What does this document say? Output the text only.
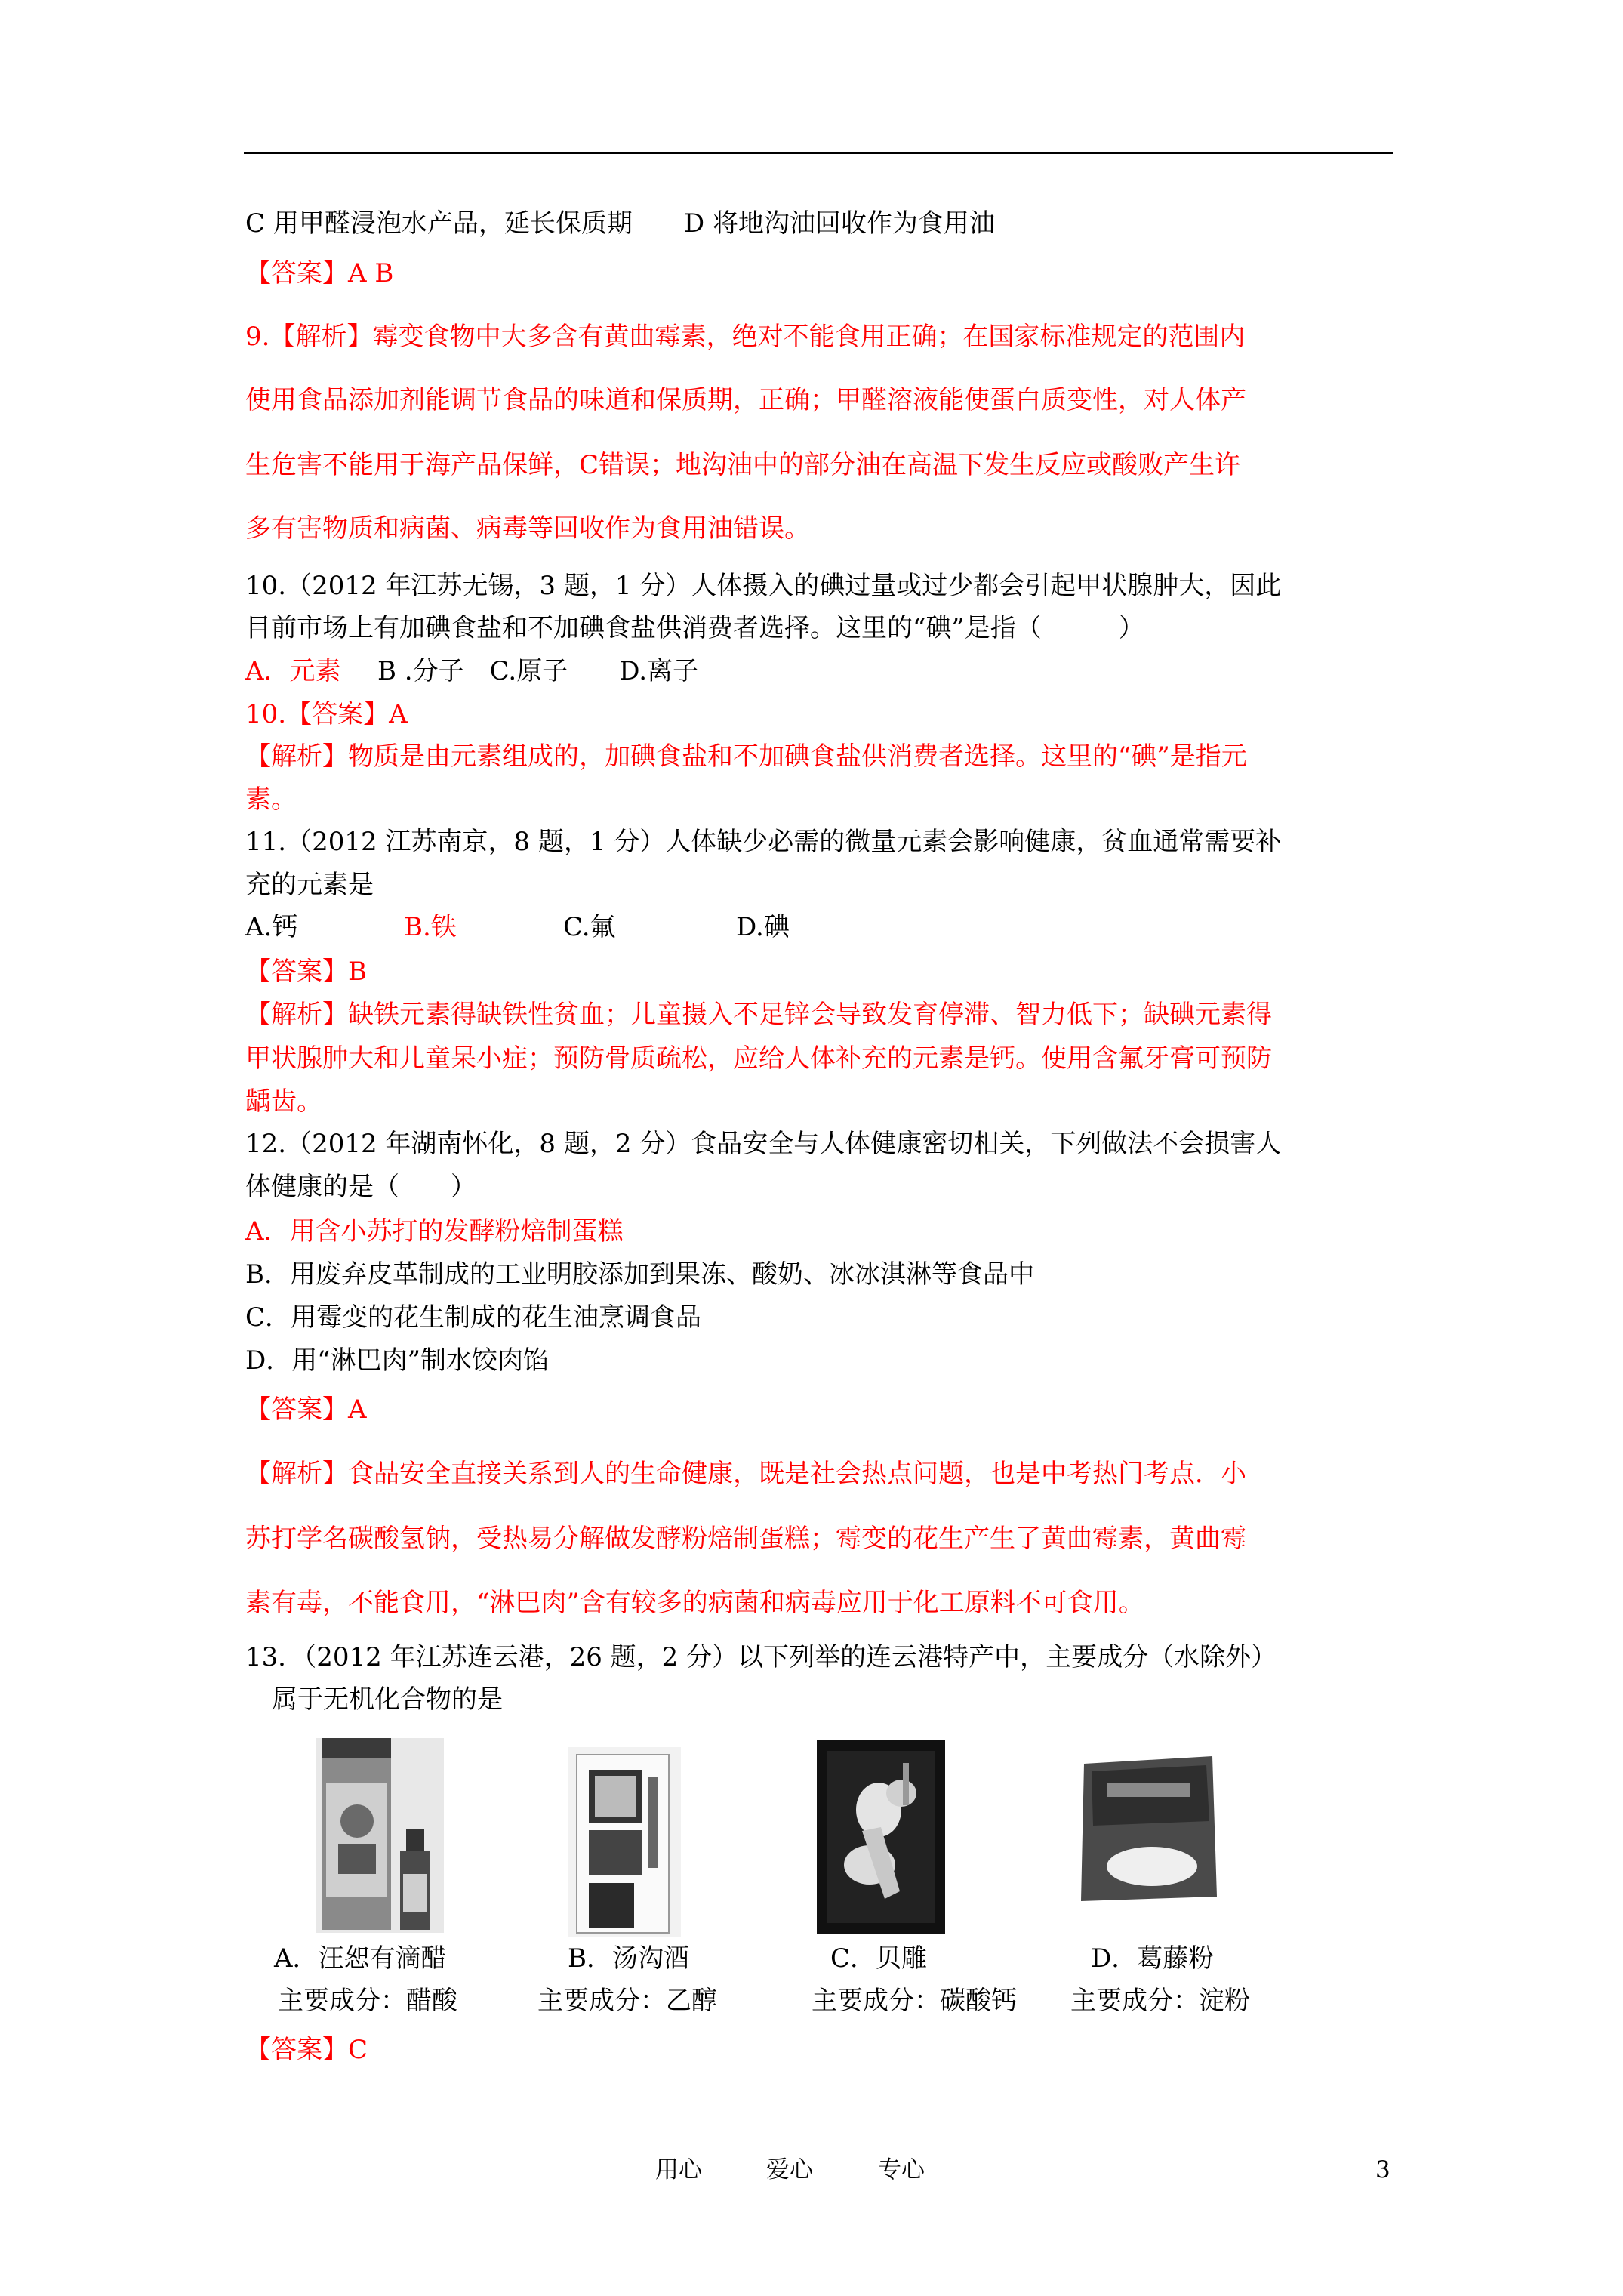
C 用甲醛浸泡水产品，延长保质期　　D 将地沟油回收作为食用油
【答案】A B
9.【解析】霉变食物中大多含有黄曲霉素，绝对不能食用正确；在国家标准规定的范围内
使用食品添加剂能调节食品的味道和保质期，正确；甲醛溶液能使蛋白质变性，对人体产
生危害不能用于海产品保鲜，C错误；地沟油中的部分油在高温下发生反应或酸败产生许
多有害物质和病菌、病毒等回收作为食用油错误。
10.（2012 年江苏无锡，3 题，1 分）人体摄入的碘过量或过少都会引起甲状腺肿大，因此
目前市场上有加碘食盐和不加碘食盐供消费者选择。这里的“碘”是指（　　　）
A．元素 B .分子　C.原子　　D.离子
10.【答案】A
【解析】物质是由元素组成的，加碘食盐和不加碘食盐供消费者选择。这里的“碘”是指元
素。
11.（2012 江苏南京，8 题，1 分）人体缺少必需的微量元素会影响健康，贫血通常需要补
充的元素是
A.钙	B.铁	C.氟	D.碘
【答案】B
【解析】缺铁元素得缺铁性贫血；儿童摄入不足锌会导致发育停滞、智力低下；缺碘元素得
甲状腺肿大和儿童呆小症；预防骨质疏松，应给人体补充的元素是钙。使用含氟牙膏可预防
龋齿。
12.（2012 年湖南怀化，8 题，2 分）食品安全与人体健康密切相关，下列做法不会损害人
体健康的是（　　）
A．用含小苏打的发酵粉焙制蛋糕
B．用废弃皮革制成的工业明胶添加到果冻、酸奶、冰冰淇淋等食品中
C．用霉变的花生制成的花生油烹调食品
D．用“淋巴肉”制水饺肉馅
【答案】A
【解析】食品安全直接关系到人的生命健康，既是社会热点问题，也是中考热门考点．小
苏打学名碳酸氢钠，受热易分解做发酵粉焙制蛋糕；霉变的花生产生了黄曲霉素，黄曲霉
素有毒，不能食用，“淋巴肉”含有较多的病菌和病毒应用于化工原料不可食用。
13．（2012 年江苏连云港，26 题，2 分）以下列举的连云港特产中，主要成分（水除外）
属于无机化合物的是
A．汪恕有滴醋	B．汤沟酒	C．贝雕	D．葛藤粉
主要成分：醋酸	主要成分：乙醇	主要成分：碳酸钙 主要成分：淀粉
【答案】C
用心	爱心	专心	3
